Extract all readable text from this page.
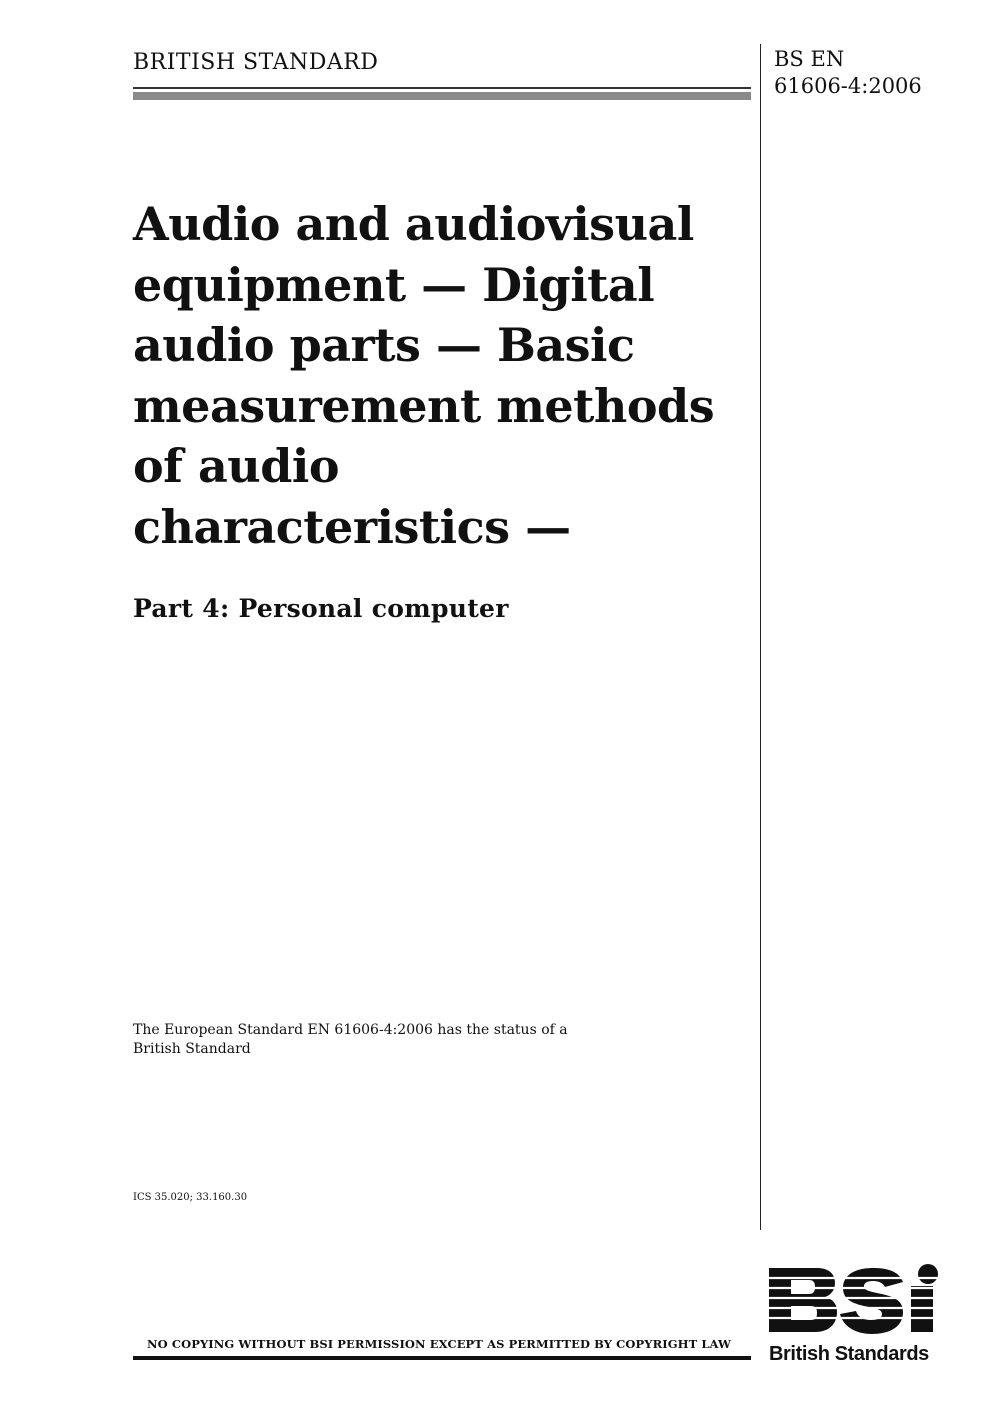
BRITISH STANDARD	BS EN
61606-4:2006
Audio and audiovisual
equipment — Digital
audio parts — Basic
measurement methods
of audio
characteristics —
Part 4: Personal computer
The European Standard EN 61606-4:2006 has the status of a
British Standard
ICS 35.020; 33.160.30
NO COPYING WITHOUT BSI PERMISSION EXCEPT AS PERMITTED BY COPYRIGHT LAW British Standards
